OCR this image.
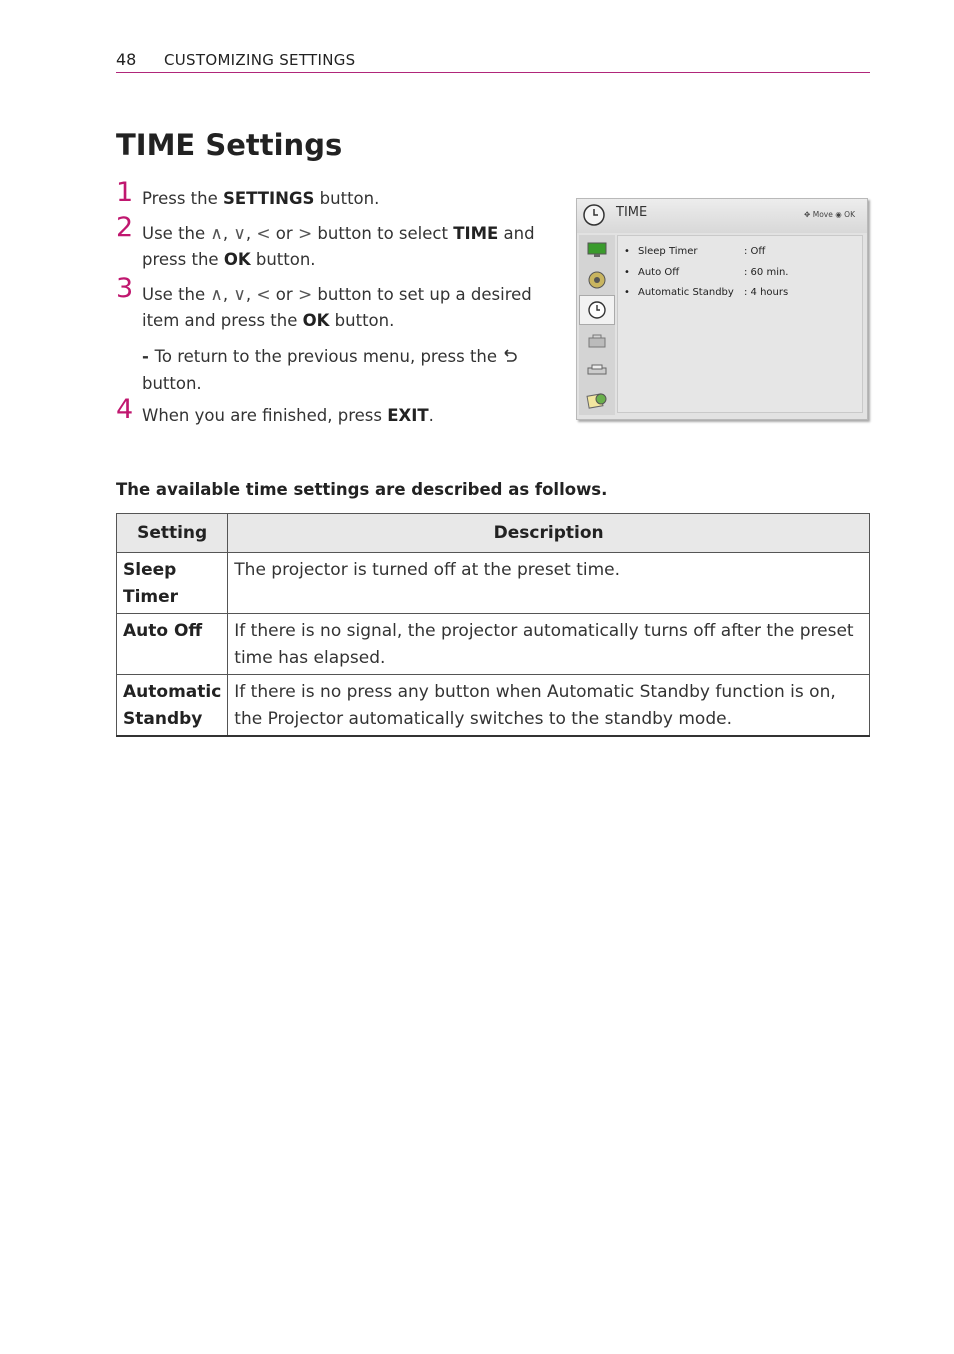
48 CUSTOMIZING SETTINGS
TIME Settings
1 Press the SETTINGS button.
2 Use the ∧, ∨, < or > button to select TIME and press the OK button.
3 Use the ∧, ∨, < or > button to set up a desired item and press the OK button.
- To return to the previous menu, press the  button.
4 When you are finished, press EXIT.
TIME	✥ Move ◉ OK
• Sleep Timer	: Off
• Auto Off	: 60 min.
• Automatic Standby : 4 hours
The available time settings are described as follows.
Setting	Description
Sleep Timer	The projector is turned off at the preset time.
Auto Off	If there is no signal, the projector automatically turns off after the preset time has elapsed.
Automatic Standby	If there is no press any button when Automatic Standby function is on, the Projector automatically switches to the standby mode.
